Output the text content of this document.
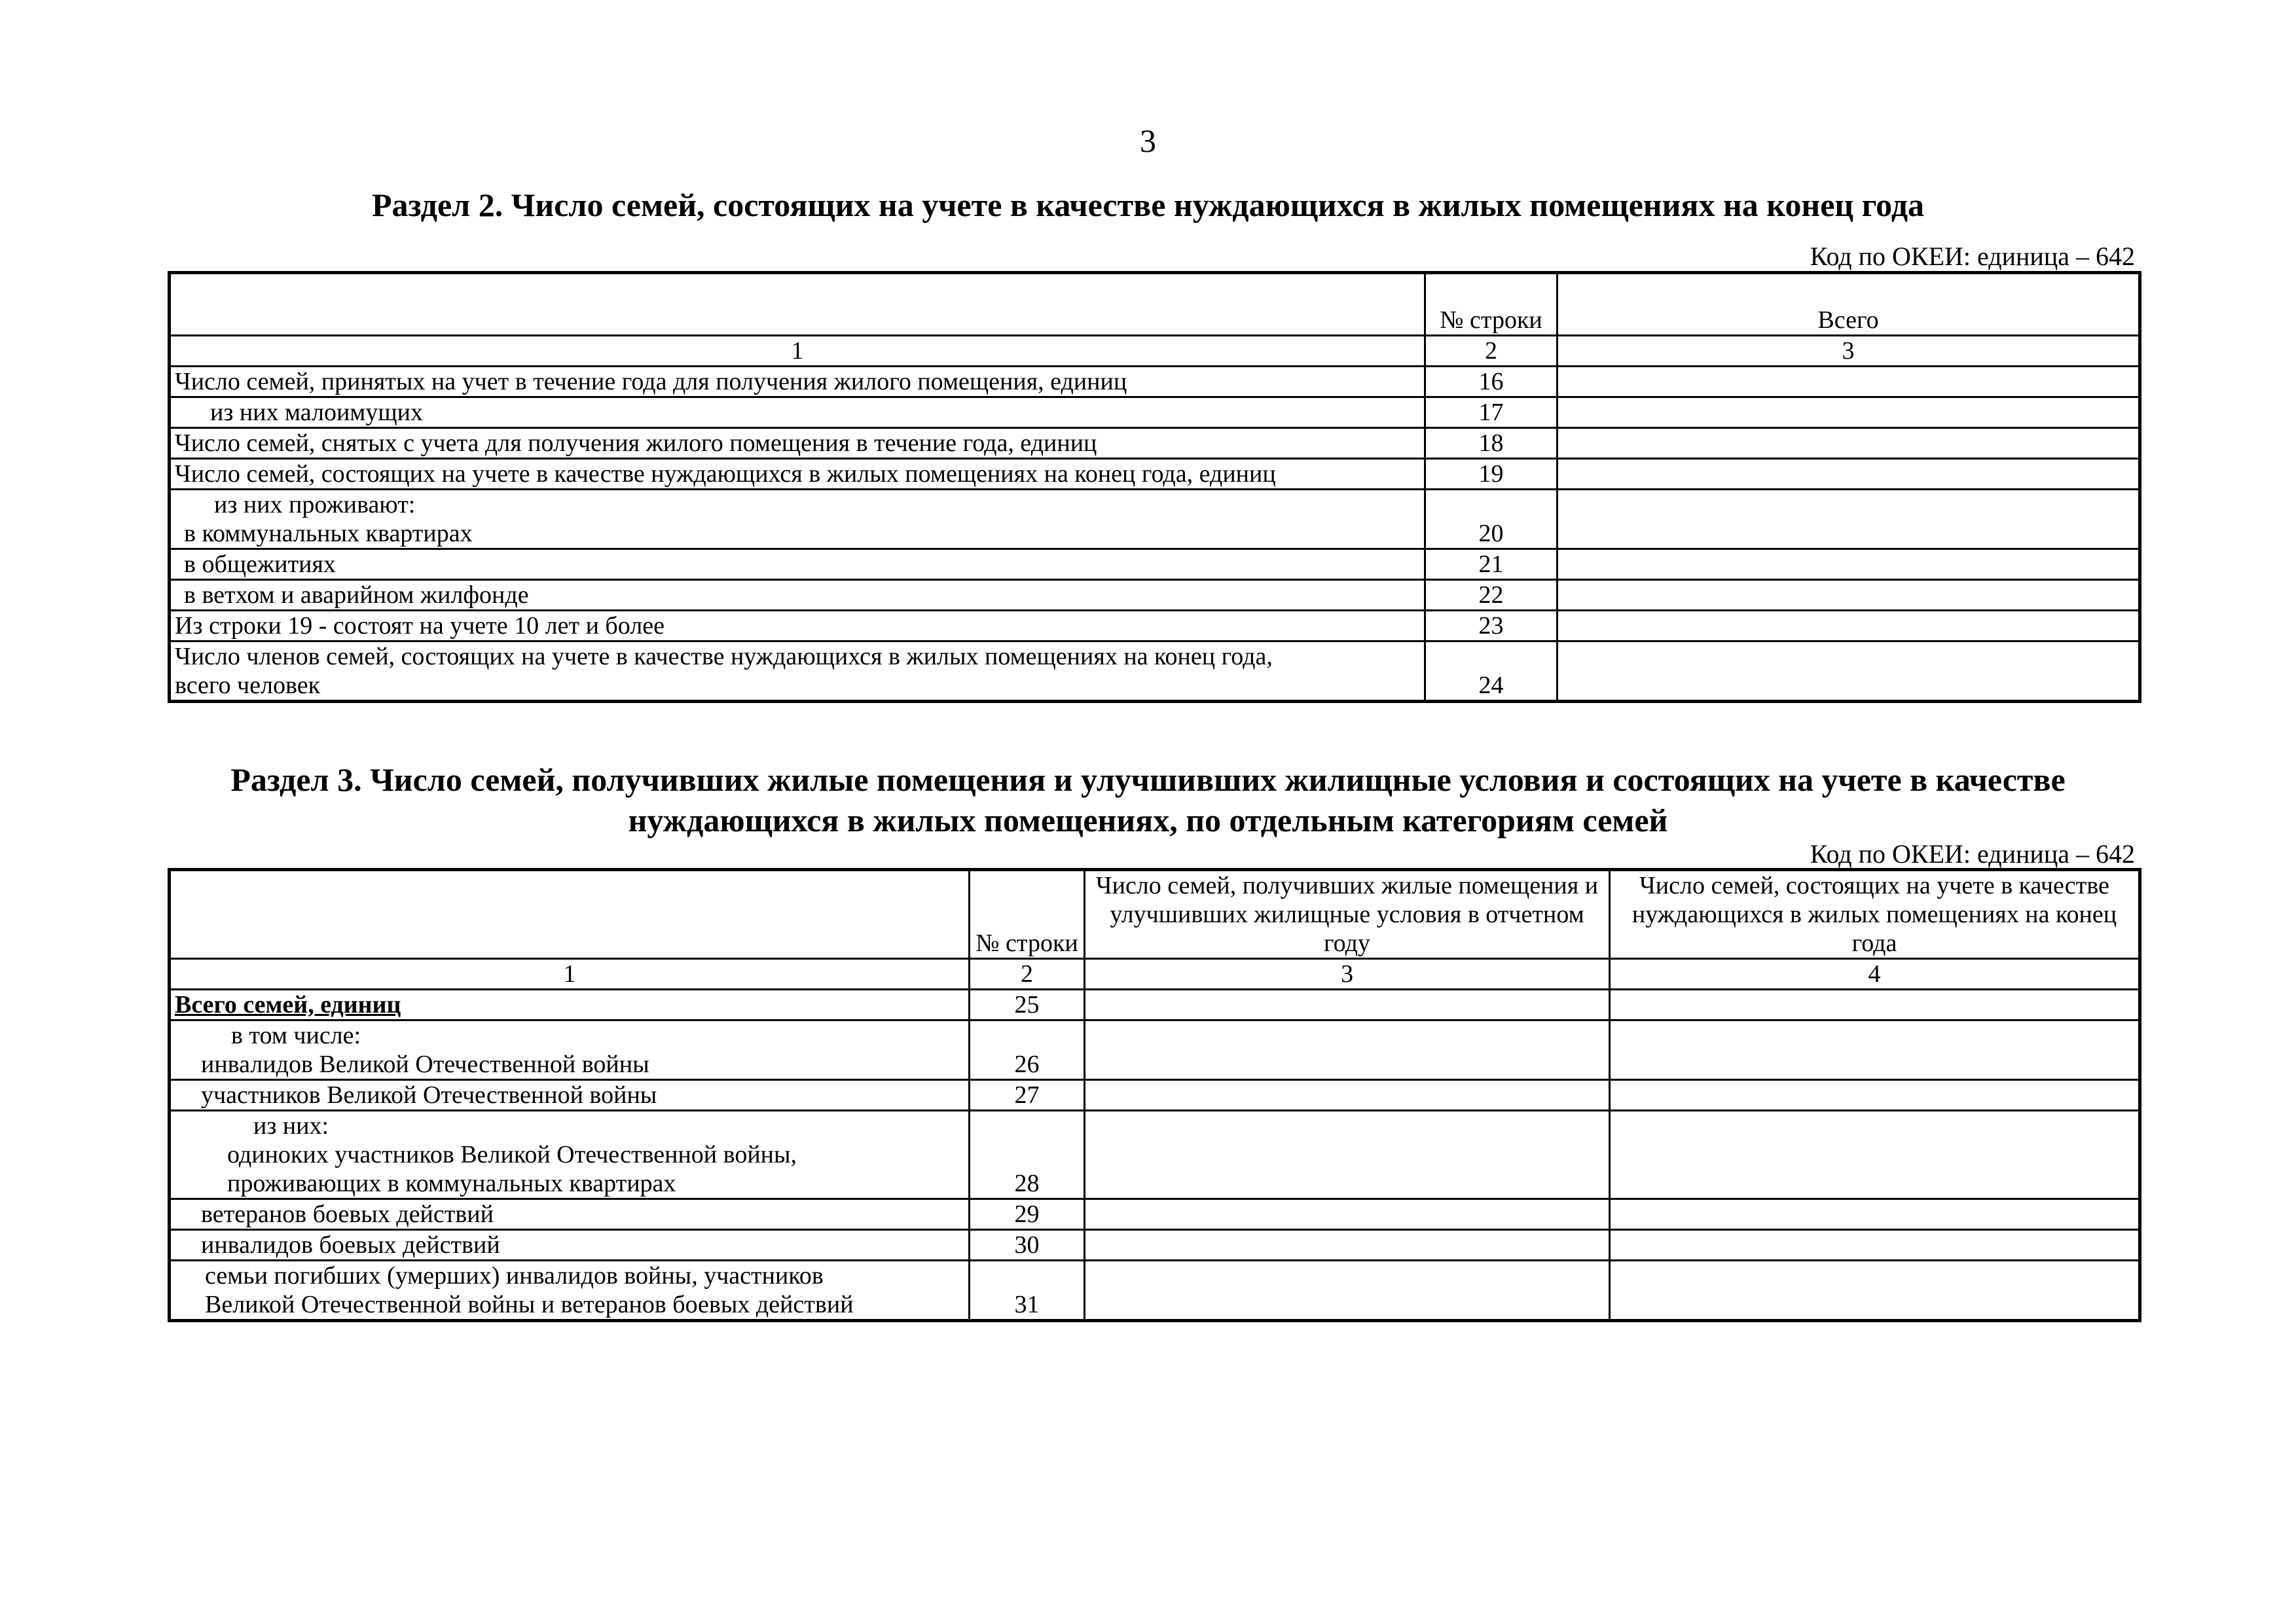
3
Раздел 2. Число семей, состоящих на учете в качестве нуждающихся в жилых помещениях на конец года
Код по ОКЕИ: единица – 642
	№ строки	Всего
1	2	3
Число семей, принятых на учет в течение года для получения жилого помещения, единиц	16	
из них малоимущих	17	
Число семей, снятых с учета для получения жилого помещения в течение года, единиц	18	
Число семей, состоящих на учете в качестве нуждающихся в жилых помещениях на конец года, единиц	19	

из них проживают:
в коммунальных квартирах	20	
в общежитиях	21	
в ветхом и аварийном жилфонде	22	
Из строки 19 - состоят на учете 10 лет и более	23	

Число членов семей, состоящих на учете в качестве нуждающихся в жилых помещениях на конец года,
всего человек	24	
Раздел 3. Число семей, получивших жилые помещения и улучшивших жилищные условия и состоящих на учете в качестве
нуждающихся в жилых помещениях, по отдельным категориям семей
Код по ОКЕИ: единица – 642
	№ строки	Число семей, получивших жилые помещения и улучшивших жилищные условия в отчетном году	Число семей, состоящих на учете в качестве нуждающихся в жилых помещениях на конец года
1	2	3	4
Всего семей, единиц	25		

в том числе:
инвалидов Великой Отечественной войны	26		
участников Великой Отечественной войны	27		

из них:
одиноких участников Великой Отечественной войны,
проживающих в коммунальных квартирах	28		
ветеранов боевых действий	29		
инвалидов боевых действий	30		

семьи погибших (умерших) инвалидов войны, участников
Великой Отечественной войны и ветеранов боевых действий	31		
